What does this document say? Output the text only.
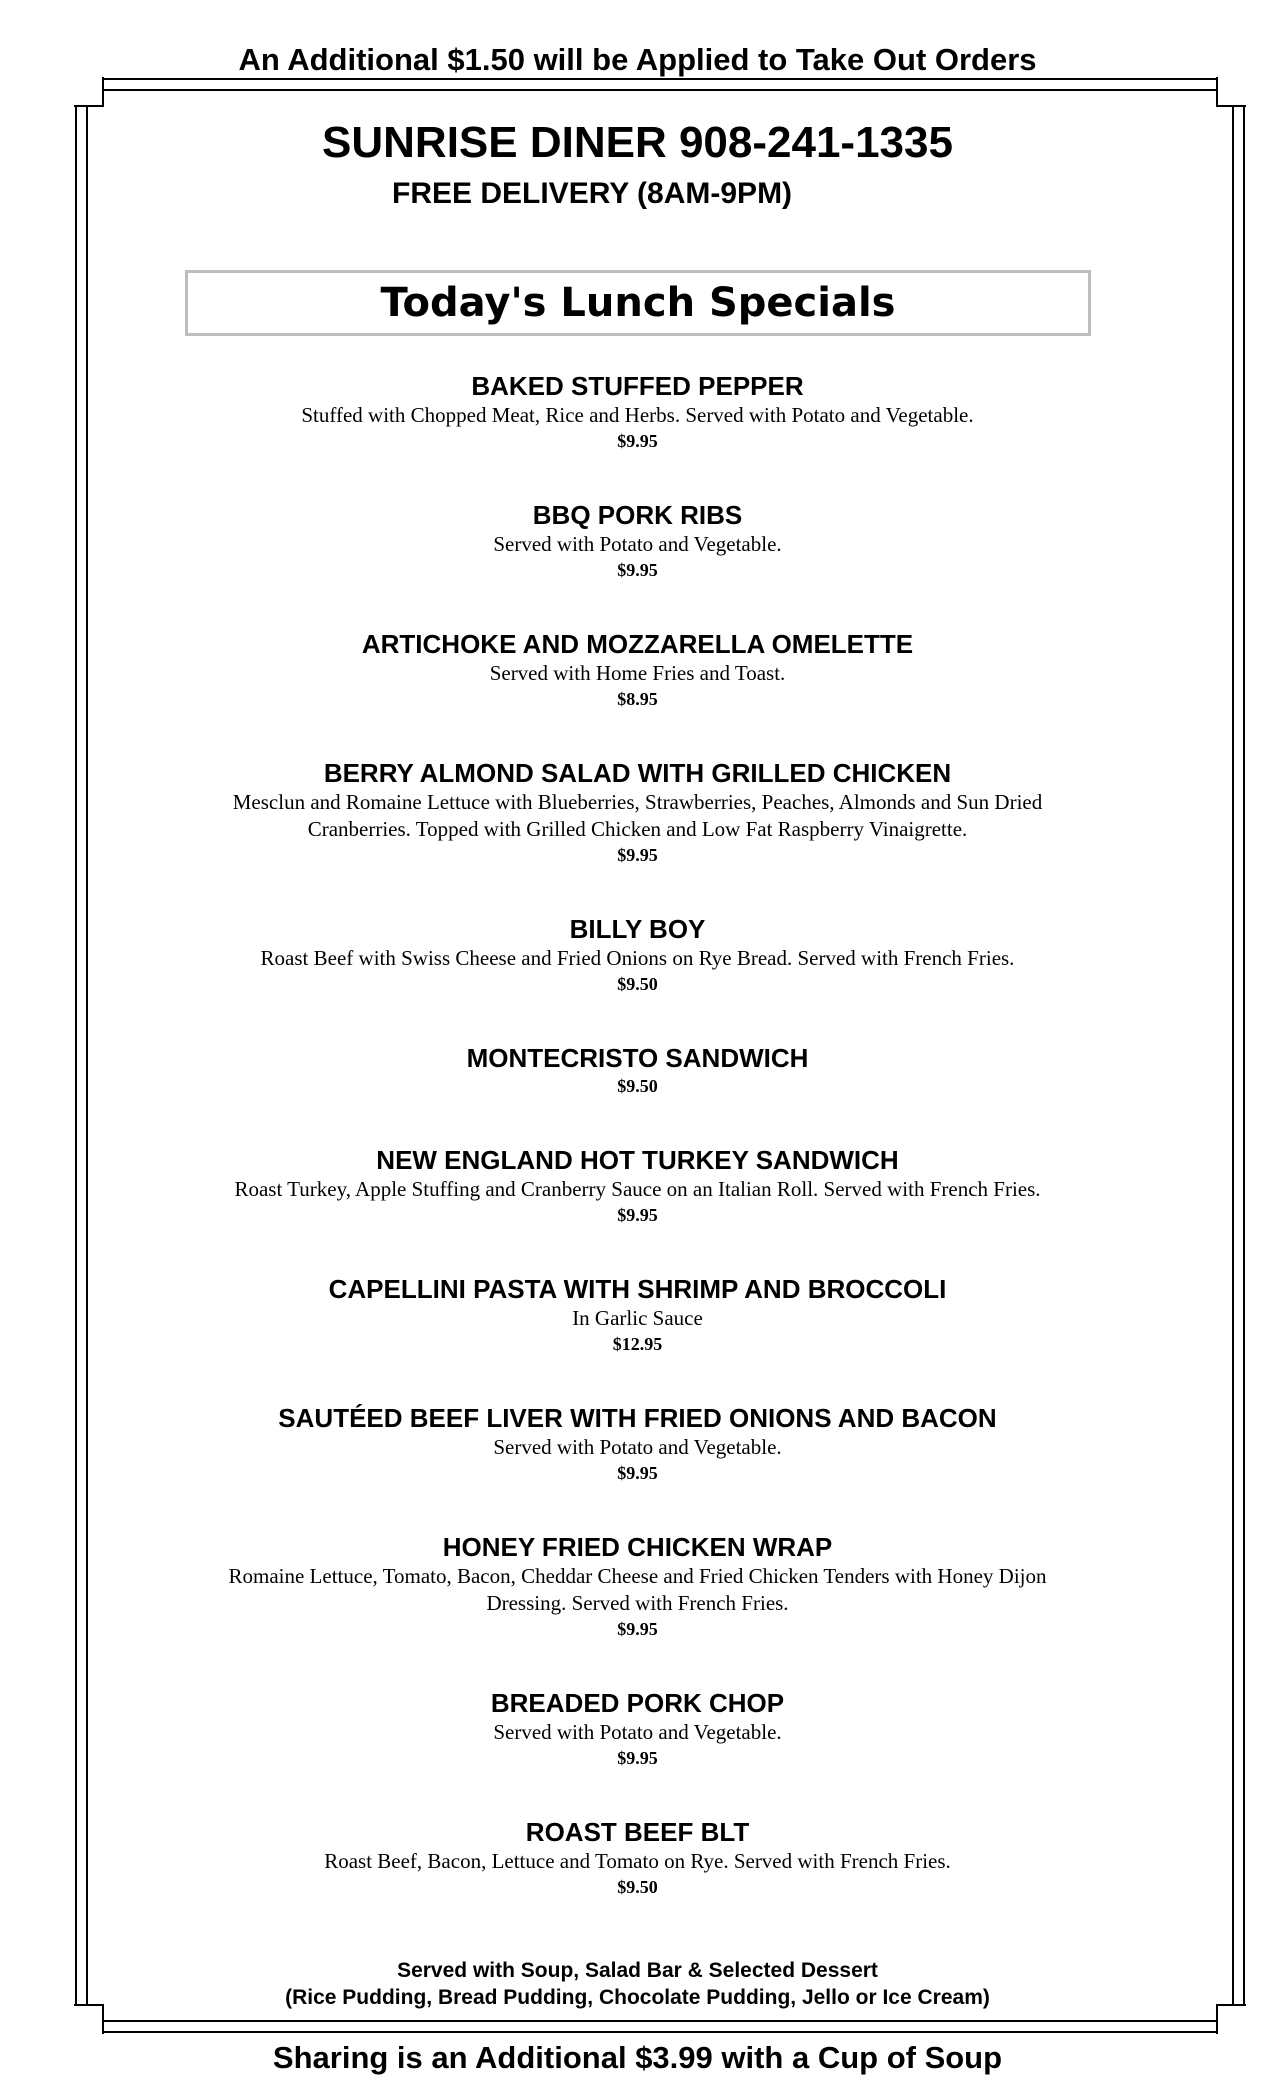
An Additional $1.50 will be Applied to Take Out Orders
SUNRISE DINER 908-241-1335
FREE DELIVERY (8AM-9PM)
Today's Lunch Specials
BAKED STUFFED PEPPER
Stuffed with Chopped Meat, Rice and Herbs. Served with Potato and Vegetable.
$9.95
BBQ PORK RIBS
Served with Potato and Vegetable.
$9.95
ARTICHOKE AND MOZZARELLA OMELETTE
Served with Home Fries and Toast.
$8.95
BERRY ALMOND SALAD WITH GRILLED CHICKEN
Mesclun and Romaine Lettuce with Blueberries, Strawberries, Peaches, Almonds and Sun Dried Cranberries. Topped with Grilled Chicken and Low Fat Raspberry Vinaigrette.
$9.95
BILLY BOY
Roast Beef with Swiss Cheese and Fried Onions on Rye Bread. Served with French Fries.
$9.50
MONTECRISTO SANDWICH
$9.50
NEW ENGLAND HOT TURKEY SANDWICH
Roast Turkey, Apple Stuffing and Cranberry Sauce on an Italian Roll. Served with French Fries.
$9.95
CAPELLINI PASTA WITH SHRIMP AND BROCCOLI
In Garlic Sauce
$12.95
SAUTÉED BEEF LIVER WITH FRIED ONIONS AND BACON
Served with Potato and Vegetable.
$9.95
HONEY FRIED CHICKEN WRAP
Romaine Lettuce, Tomato, Bacon, Cheddar Cheese and Fried Chicken Tenders with Honey Dijon Dressing. Served with French Fries.
$9.95
BREADED PORK CHOP
Served with Potato and Vegetable.
$9.95
ROAST BEEF BLT
Roast Beef, Bacon, Lettuce and Tomato on Rye. Served with French Fries.
$9.50
Served with Soup, Salad Bar & Selected Dessert
(Rice Pudding, Bread Pudding, Chocolate Pudding, Jello or Ice Cream)
Sharing is an Additional $3.99 with a Cup of Soup
